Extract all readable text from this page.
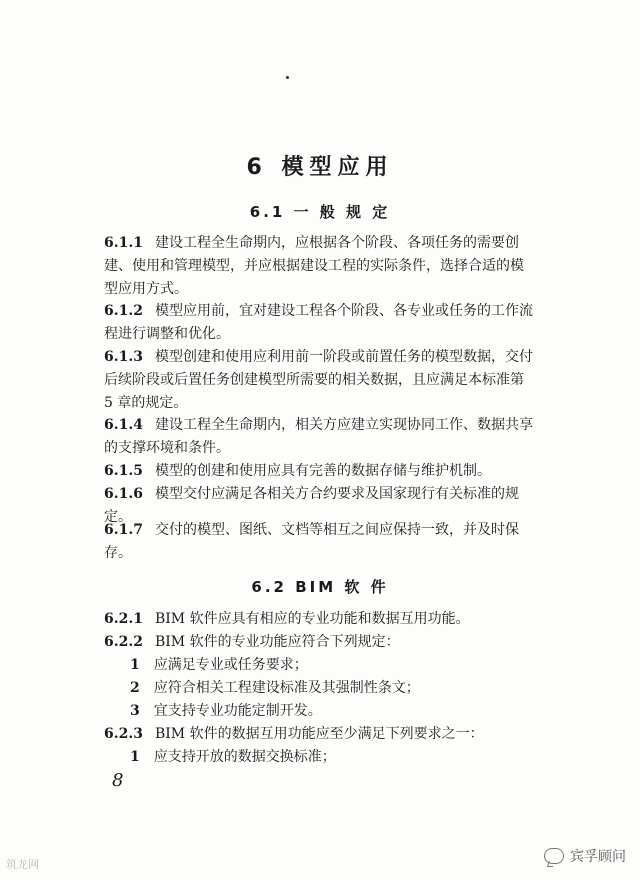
6 模型应用
6.1 一 般 规 定

6.1.1 建设工程全生命期内，应根据各个阶段、各项任务的需要创建、使用和管理模型，并应根据建设工程的实际条件，选择合适的模型应用方式。

6.1.2 模型应用前，宜对建设工程各个阶段、各专业或任务的工作流程进行调整和优化。

6.1.3 模型创建和使用应利用前一阶段或前置任务的模型数据，交付后续阶段或后置任务创建模型所需要的相关数据，且应满足本标准第 5 章的规定。

6.1.4 建设工程全生命期内，相关方应建立实现协同工作、数据共享的支撑环境和条件。

6.1.5 模型的创建和使用应具有完善的数据存储与维护机制。

6.1.6 模型交付应满足各相关方合约要求及国家现行有关标准的规定。

6.1.7 交付的模型、图纸、文档等相互之间应保持一致，并及时保存。

6.2 BIM 软 件

6.2.1 BIM 软件应具有相应的专业功能和数据互用功能。

6.2.2 BIM 软件的专业功能应符合下列规定：

1 应满足专业或任务要求；

2 应符合相关工程建设标准及其强制性条文；

3 宜支持专业功能定制开发。

6.2.3 BIM 软件的数据互用功能应至少满足下列要求之一：

1 应支持开放的数据交换标准；

8
筑龙网	宾孚顾问
